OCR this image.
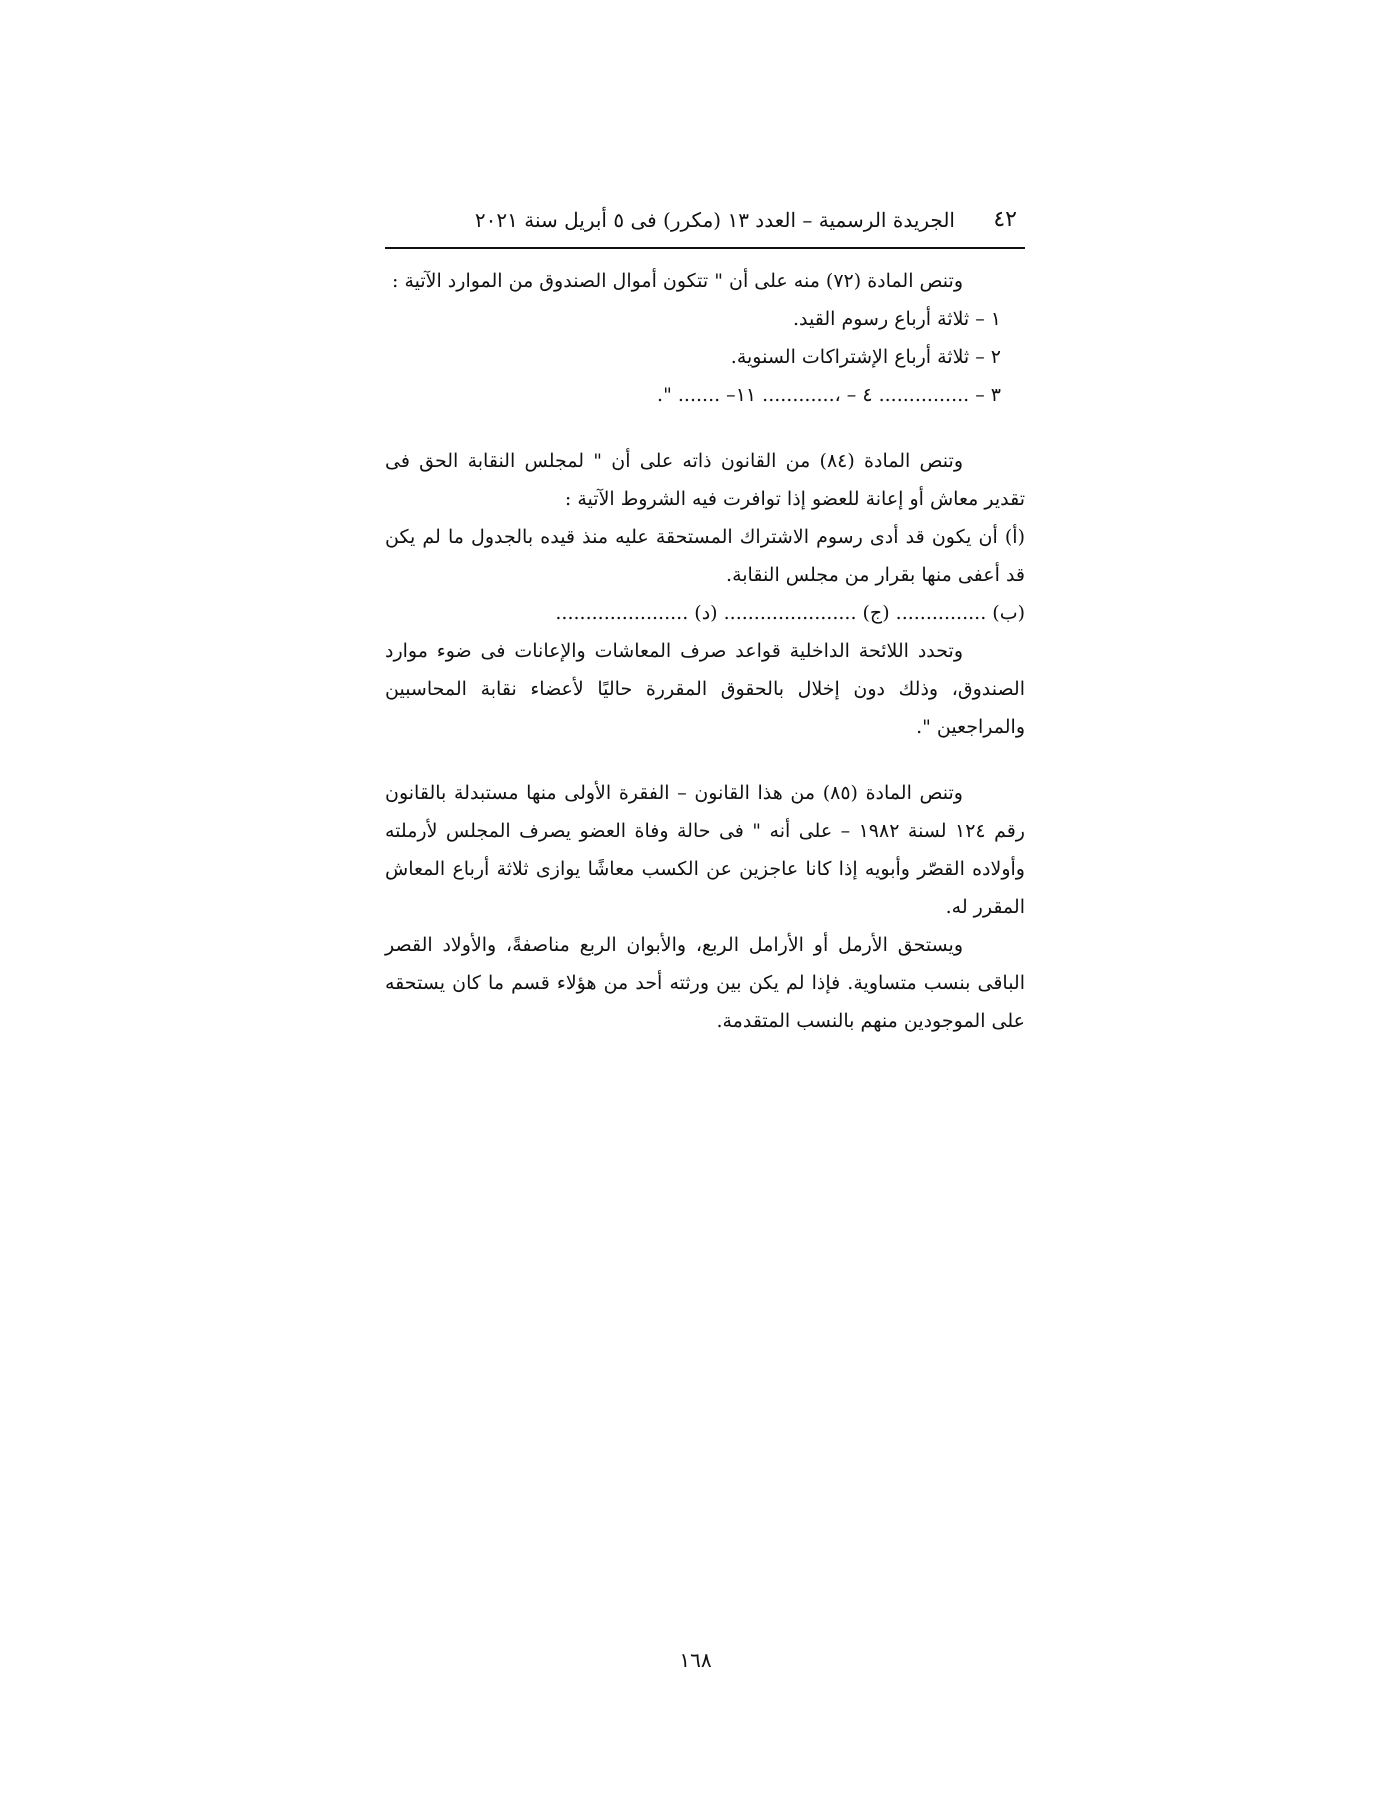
٤٢
الجريدة الرسمية – العدد ١٣ (مكرر) فى ٥ أبريل سنة ٢٠٢١

وتنص المادة (٧٢) منه على أن " تتكون أموال الصندوق من الموارد الآتية :

١ – ثلاثة أرباع رسوم القيد.

٢ – ثلاثة أرباع الإشتراكات السنوية.

٣ – ............... ٤ – ،............ ١١– ....... ".

وتنص المادة (٨٤) من القانون ذاته على أن " لمجلس النقابة الحق فى تقدير معاش أو إعانة للعضو إذا توافرت فيه الشروط الآتية :

(أ) أن يكون قد أدى رسوم الاشتراك المستحقة عليه منذ قيده بالجدول ما لم يكن قد أعفى منها بقرار من مجلس النقابة.

(ب) ............... (ج) ...................... (د) ......................

وتحدد اللائحة الداخلية قواعد صرف المعاشات والإعانات فى ضوء موارد الصندوق، وذلك دون إخلال بالحقوق المقررة حاليًا لأعضاء نقابة المحاسبين والمراجعين ".

وتنص المادة (٨٥) من هذا القانون – الفقرة الأولى منها مستبدلة بالقانون رقم ١٢٤ لسنة ١٩٨٢ – على أنه " فى حالة وفاة العضو يصرف المجلس لأرملته وأولاده القصّر وأبويه إذا كانا عاجزين عن الكسب معاشًا يوازى ثلاثة أرباع المعاش المقرر له.

ويستحق الأرمل أو الأرامل الربع، والأبوان الربع مناصفةً، والأولاد القصر الباقى بنسب متساوية. فإذا لم يكن بين ورثته أحد من هؤلاء قسم ما كان يستحقه على الموجودين منهم بالنسب المتقدمة.

١٦٨
